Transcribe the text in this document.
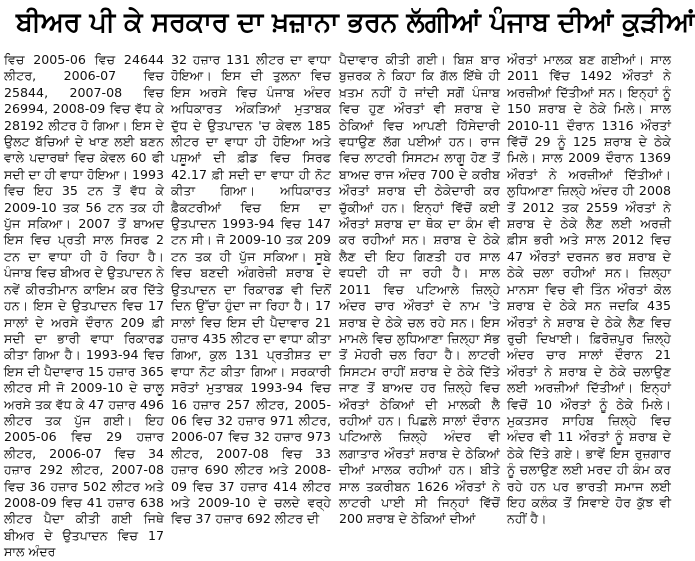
ਬੀਅਰ ਪੀ ਕੇ ਸਰਕਾਰ ਦਾ ਖ਼ਜ਼ਾਨਾ ਭਰਨ ਲੱਗੀਆਂ ਪੰਜਾਬ ਦੀਆਂ ਕੁੜੀਆਂ

ਵਿਚ 2005-06 ਵਿਚ 24644 ਲੀਟਰ, 2006-07 ਵਿਚ 25844, 2007-08 ਵਿਚ 26994, 2008-09 ਵਿਚ ਵੱਧ ਕੇ 28192 ਲੀਟਰ ਹੋ ਗਿਆ। ਇਸ ਦੇ ਉਲਟ ਬੱਚਿਆਂ ਦੇ ਖਾਣ ਲਈ ਬਣਨ ਵਾਲੇ ਪਦਾਰਥਾਂ ਵਿਚ ਕੇਵਲ 60 ਫੀ ਸਦੀ ਦਾ ਹੀ ਵਾਧਾ ਹੋਇਆ। 1993 ਵਿਚ ਇਹ 35 ਟਨ ਤੋਂ ਵੱਧ ਕੇ 2009-10 ਤਕ 56 ਟਨ ਤਕ ਹੀ ਪੁੱਜ ਸਕਿਆ। 2007 ਤੋਂ ਬਾਅਦ ਇਸ ਵਿਚ ਪ੍ਰਤੀ ਸਾਲ ਸਿਰਫ 2 ਟਨ ਦਾ ਵਾਧਾ ਹੀ ਹੋ ਰਿਹਾ ਹੈ। ਪੰਜਾਬ ਵਿਚ ਬੀਅਰ ਦੇ ਉਤਪਾਦਨ ਨੇ ਨਵੇਂ ਕੀਰਤੀਮਾਨ ਕਾਇਮ ਕਰ ਦਿੱਤੇ ਹਨ। ਇਸ ਦੇ ਉਤਪਾਦਨ ਵਿਚ 17 ਸਾਲਾਂ ਦੇ ਅਰਸੇ ਦੌਰਾਨ 209 ਫ਼ੀ ਸਦੀ ਦਾ ਭਾਰੀ ਵਾਧਾ ਰਿਕਾਰਡ ਕੀਤਾ ਗਿਆ ਹੈ। 1993-94 ਵਿਚ ਇਸ ਦੀ ਪੈਦਾਵਾਰ 15 ਹਜ਼ਾਰ 365 ਲੀਟਰ ਸੀ ਜੋ 2009-10 ਦੇ ਚਾਲੂ ਅਰਸੇ ਤਕ ਵੱਧ ਕੇ 47 ਹਜ਼ਾਰ 496 ਲੀਟਰ ਤਕ ਪੁੱਜ ਗਈ। ਇਹ 2005-06 ਵਿਚ 29 ਹਜ਼ਾਰ ਲੀਟਰ, 2006-07 ਵਿਚ 34 ਹਜ਼ਾਰ 292 ਲੀਟਰ, 2007-08 ਵਿਚ 36 ਹਜ਼ਾਰ 502 ਲੀਟਰ ਅਤੇ 2008-09 ਵਿਚ 41 ਹਜ਼ਾਰ 638 ਲੀਟਰ ਪੈਦਾ ਕੀਤੀ ਗਈ ਜਿਥੇ ਬੀਅਰ ਦੇ ਉਤਪਾਦਨ ਵਿਚ 17 ਸਾਲ ਅੰਦਰ

32 ਹਜ਼ਾਰ 131 ਲੀਟਰ ਦਾ ਵਾਧਾ ਹੋਇਆ। ਇਸ ਦੀ ਤੁਲਨਾ ਵਿਚ ਇਸ ਅਰਸੇ ਵਿਚ ਪੰਜਾਬ ਅੰਦਰ ਅਧਿਕਾਰਤ ਅੰਕੜਿਆਂ ਮੁਤਾਬਕ ਦੁੱਧ ਦੇ ਉਤਪਾਦਨ 'ਚ ਕੇਵਲ 185 ਲੀਟਰ ਦਾ ਵਾਧਾ ਹੀ ਹੋਇਆ ਅਤੇ ਪਸ਼ੂਆਂ ਦੀ ਫ਼ੀਡ ਵਿਚ ਸਿਰਫ 42.17 ਫ਼ੀ ਸਦੀ ਦਾ ਵਾਧਾ ਹੀ ਨੋਟ ਕੀਤਾ ਗਿਆ। ਅਧਿਕਾਰਤ ਫ਼ੈਕਟਰੀਆਂ ਵਿਚ ਇਸ ਦਾ ਉਤਪਾਦਨ 1993-94 ਵਿਚ 147 ਟਨ ਸੀ। ਜੋ 2009-10 ਤਕ 209 ਟਨ ਤਕ ਹੀ ਪੁੱਜ ਸਕਿਆ। ਸੂਬੇ ਵਿਚ ਬਣਦੀ ਅੰਗਰੇਜ਼ੀ ਸ਼ਰਾਬ ਦੇ ਉਤਪਾਦਨ ਦਾ ਰਿਕਾਰਡ ਵੀ ਦਿਨੋਂ ਦਿਨ ਉੱਚਾ ਹੁੰਦਾ ਜਾ ਰਿਹਾ ਹੈ। 17 ਸਾਲਾਂ ਵਿਚ ਇਸ ਦੀ ਪੈਦਾਵਾਰ 21 ਹਜ਼ਾਰ 435 ਲੀਟਰ ਦਾ ਵਾਧਾ ਕੀਤਾ ਗਿਆ, ਕੁਲ 131 ਪ੍ਰਤੀਸ਼ਤ ਦਾ ਵਾਧਾ ਨੋਟ ਕੀਤਾ ਗਿਆ। ਸਰਕਾਰੀ ਸਰੋਤਾਂ ਮੁਤਾਬਕ 1993-94 ਵਿਚ 16 ਹਜ਼ਾਰ 257 ਲੀਟਰ, 2005-06 ਵਿਚ 32 ਹਜ਼ਾਰ 971 ਲੀਟਰ, 2006-07 ਵਿਚ 32 ਹਜ਼ਾਰ 973 ਲੀਟਰ, 2007-08 ਵਿਚ 33 ਹਜ਼ਾਰ 690 ਲੀਟਰ ਅਤੇ 2008-09 ਵਿਚ 37 ਹਜ਼ਾਰ 414 ਲੀਟਰ ਅਤੇ 2009-10 ਦੇ ਚਲਦੇ ਵਰ੍ਹੇ ਵਿਚ 37 ਹਜ਼ਾਰ 692 ਲੀਟਰ ਦੀ

ਪੈਦਾਵਾਰ ਕੀਤੀ ਗਈ। ਬਿਸ਼ ਬਾਰ ਬੁਜ਼ਰਕ ਨੇ ਕਿਹਾ ਕਿ ਗੱਲ ਇੱਥੇ ਹੀ ਖ਼ਤਮ ਨਹੀਂ ਹੋ ਜਾਂਦੀ ਸਗੋਂ ਪੰਜਾਬ ਵਿਚ ਹੁਣ ਔਰਤਾਂ ਵੀ ਸ਼ਰਾਬ ਦੇ ਠੇਕਿਆਂ ਵਿਚ ਆਪਣੀ ਹਿੱਸੇਦਾਰੀ ਵਧਾਉਣ ਲੱਗ ਪਈਆਂ ਹਨ। ਰਾਜ ਵਿਚ ਲਾਟਰੀ ਸਿਸਟਮ ਲਾਗੂ ਹੋਣ ਤੋਂ ਬਾਅਦ ਰਾਜ ਅੰਦਰ 700 ਦੇ ਕਰੀਬ ਔਰਤਾਂ ਸ਼ਰਾਬ ਦੀ ਠੇਕੇਦਾਰੀ ਕਰ ਚੁੱਕੀਆਂ ਹਨ। ਇਨ੍ਹਾਂ ਵਿੱਚੋਂ ਕਈ ਔਰਤਾਂ ਸ਼ਰਾਬ ਦਾ ਥੋਕ ਦਾ ਕੰਮ ਵੀ ਕਰ ਰਹੀਆਂ ਸਨ। ਸ਼ਰਾਬ ਦੇ ਠੇਕੇ ਲੈਣ ਦੀ ਇਹ ਗਿਣਤੀ ਹਰ ਸਾਲ ਵਧਦੀ ਹੀ ਜਾ ਰਹੀ ਹੈ। ਸਾਲ 2011 ਵਿਚ ਪਟਿਆਲੇ ਜ਼ਿਲ੍ਹੇ ਅੰਦਰ ਚਾਰ ਔਰਤਾਂ ਦੇ ਨਾਮ 'ਤੇ ਸ਼ਰਾਬ ਦੇ ਠੇਕੇ ਚਲ ਰਹੇ ਸਨ। ਇਸ ਮਾਮਲੇ ਵਿਚ ਲੁਧਿਆਣਾ ਜ਼ਿਲ੍ਹਾ ਸੱਭ ਤੋਂ ਮੋਹਰੀ ਚਲ ਰਿਹਾ ਹੈ। ਲਾਟਰੀ ਸਿਸਟਮ ਰਾਹੀਂ ਸ਼ਰਾਬ ਦੇ ਠੇਕੇ ਦਿੱਤੇ ਜਾਣ ਤੋਂ ਬਾਅਦ ਹਰ ਜ਼ਿਲ੍ਹੇ ਵਿਚ ਔਰਤਾਂ ਠੇਕਿਆਂ ਦੀ ਮਾਲਕੀ ਲੈ ਰਹੀਆਂ ਹਨ। ਪਿਛਲੇ ਸਾਲਾਂ ਦੌਰਾਨ ਪਟਿਆਲੇ ਜ਼ਿਲ੍ਹੇ ਅੰਦਰ ਵੀ ਲਗਾਤਾਰ ਔਰਤਾਂ ਸ਼ਰਾਬ ਦੇ ਠੇਕਿਆਂ ਦੀਆਂ ਮਾਲਕ ਰਹੀਆਂ ਹਨ। ਬੀਤੇ ਸਾਲ ਤਕਰੀਬਨ 1626 ਔਰਤਾਂ ਨੇ ਲਾਟਰੀ ਪਾਈ ਸੀ ਜਿਨ੍ਹਾਂ ਵਿੱਚੋਂ 200 ਸ਼ਰਾਬ ਦੇ ਠੇਕਿਆਂ ਦੀਆਂ

ਔਰਤਾਂ ਮਾਲਕ ਬਣ ਗਈਆਂ। ਸਾਲ 2011 ਵਿੱਚ 1492 ਔਰਤਾਂ ਨੇ ਅਰਜ਼ੀਆਂ ਦਿੱਤੀਆਂ ਸਨ। ਇਨ੍ਹਾਂ ਨੂੰ 150 ਸ਼ਰਾਬ ਦੇ ਠੇਕੇ ਮਿਲੇ। ਸਾਲ 2010-11 ਦੌਰਾਨ 1316 ਔਰਤਾਂ ਵਿੱਚੋਂ 29 ਨੂੰ 125 ਸ਼ਰਾਬ ਦੇ ਠੇਕੇ ਮਿਲੇ। ਸਾਲ 2009 ਦੌਰਾਨ 1369 ਔਰਤਾਂ ਨੇ ਅਰਜ਼ੀਆਂ ਦਿੱਤੀਆਂ। ਲੁਧਿਆਣਾ ਜ਼ਿਲ੍ਹੇ ਅੰਦਰ ਹੀ 2008 ਤੋਂ 2012 ਤਕ 2559 ਔਰਤਾਂ ਨੇ ਸ਼ਰਾਬ ਦੇ ਠੇਕੇ ਲੈਣ ਲਈ ਅਰਜ਼ੀ ਫ਼ੀਸ ਭਰੀ ਅਤੇ ਸਾਲ 2012 ਵਿਚ 47 ਔਰਤਾਂ ਦਰਜਨ ਭਰ ਸ਼ਰਾਬ ਦੇ ਠੇਕੇ ਚਲਾ ਰਹੀਆਂ ਸਨ। ਜ਼ਿਲ੍ਹਾ ਮਾਨਸਾ ਵਿਚ ਵੀ ਤਿੰਨ ਔਰਤਾਂ ਕੋਲ ਸ਼ਰਾਬ ਦੇ ਠੇਕੇ ਸਨ ਜਦਕਿ 435 ਔਰਤਾਂ ਨੇ ਸ਼ਰਾਬ ਦੇ ਠੇਕੇ ਲੈਣ ਵਿਚ ਰੁਚੀ ਦਿਖਾਈ। ਫ਼ਿਰੋਜ਼ਪੁਰ ਜ਼ਿਲ੍ਹੇ ਅੰਦਰ ਚਾਰ ਸਾਲਾਂ ਦੌਰਾਨ 21 ਔਰਤਾਂ ਨੇ ਸ਼ਰਾਬ ਦੇ ਠੇਕੇ ਚਲਾਉਣ ਲਈ ਅਰਜ਼ੀਆਂ ਦਿੱਤੀਆਂ। ਇਨ੍ਹਾਂ ਵਿਚੋਂ 10 ਔਰਤਾਂ ਨੂੰ ਠੇਕੇ ਮਿਲੇ। ਮੁਕਤਸਰ ਸਾਹਿਬ ਜ਼ਿਲ੍ਹੇ ਵਿਚ ਅੰਦਰ ਵੀ 11 ਔਰਤਾਂ ਨੂੰ ਸ਼ਰਾਬ ਦੇ ਠੇਕੇ ਦਿੱਤੇ ਗਏ। ਭਾਵੇਂ ਇਸ ਰੁਜ਼ਗਾਰ ਨੂੰ ਚਲਾਉਣ ਲਈ ਮਰਦ ਹੀ ਕੰਮ ਕਰ ਰਹੇ ਹਨ ਪਰ ਭਾਰਤੀ ਸਮਾਜ ਲਈ ਇਹ ਕਲੰਕ ਤੋਂ ਸਿਵਾਏ ਹੋਰ ਕੁੱਝ ਵੀ ਨਹੀਂ ਹੈ।
